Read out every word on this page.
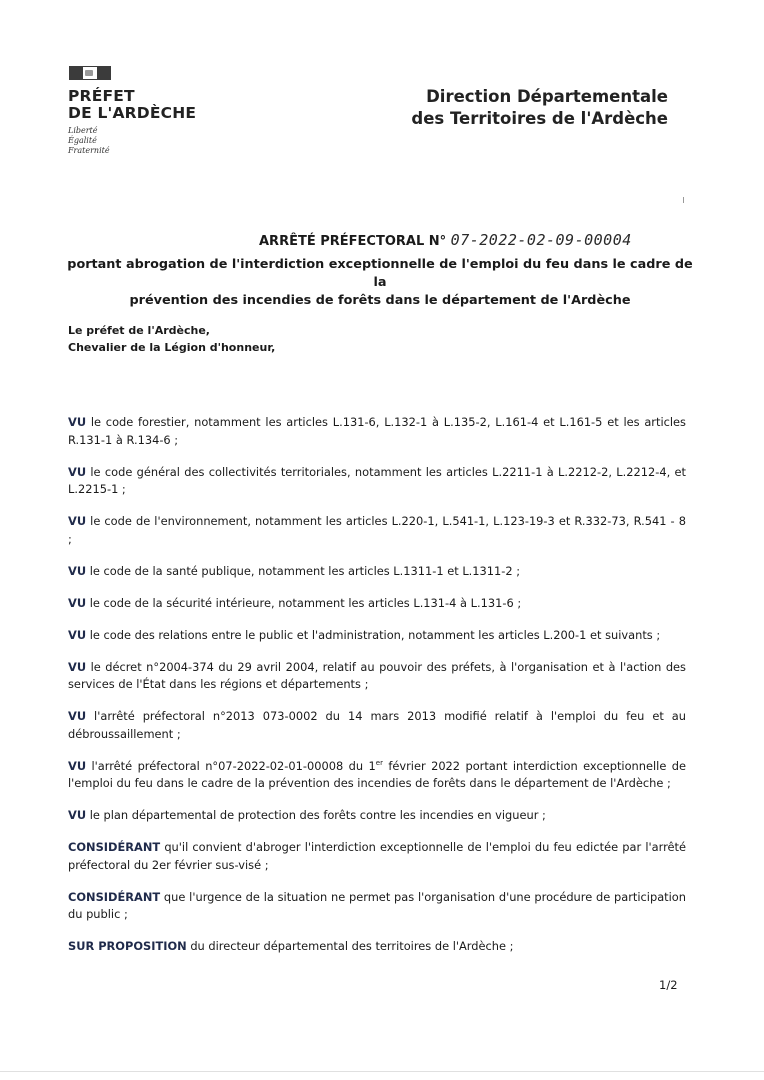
PRÉFET
DE L'ARDÈCHE
Liberté
Égalité
Fraternité
Direction Départementale
des Territoires de l'Ardèche
ARRÊTÉ PRÉFECTORAL N° 07-2022-02-09-00004
portant abrogation de l'interdiction exceptionnelle de l'emploi du feu dans le cadre de la
prévention des incendies de forêts dans le département de l'Ardèche
Le préfet de l'Ardèche,
Chevalier de la Légion d'honneur,

VU le code forestier, notamment les articles L.131-6, L.132-1 à L.135-2, L.161-4 et L.161-5 et les articles R.131-1 à R.134-6 ;

VU le code général des collectivités territoriales, notamment les articles L.2211-1 à L.2212-2, L.2212-4, et L.2215-1 ;

VU le code de l'environnement, notamment les articles L.220-1, L.541-1, L.123-19-3 et R.332-73, R.541 - 8 ;

VU le code de la santé publique, notamment les articles L.1311-1 et L.1311-2 ;

VU le code de la sécurité intérieure, notamment les articles L.131-4 à L.131-6 ;

VU le code des relations entre le public et l'administration, notamment les articles L.200-1 et suivants ;

VU le décret n°2004-374 du 29 avril 2004, relatif au pouvoir des préfets, à l'organisation et à l'action des services de l'État dans les régions et départements ;

VU l'arrêté préfectoral n°2013 073-0002 du 14 mars 2013 modifié relatif à l'emploi du feu et au débroussaillement ;

VU l'arrêté préfectoral n°07-2022-02-01-00008 du 1er février 2022 portant interdiction exceptionnelle de l'emploi du feu dans le cadre de la prévention des incendies de forêts dans le département de l'Ardèche ;

VU le plan départemental de protection des forêts contre les incendies en vigueur ;

CONSIDÉRANT qu'il convient d'abroger l'interdiction exceptionnelle de l'emploi du feu edictée par l'arrêté préfectoral du 2er février sus-visé ;

CONSIDÉRANT que l'urgence de la situation ne permet pas l'organisation d'une procédure de participation du public ;

SUR PROPOSITION du directeur départemental des territoires de l'Ardèche ;

1/2
